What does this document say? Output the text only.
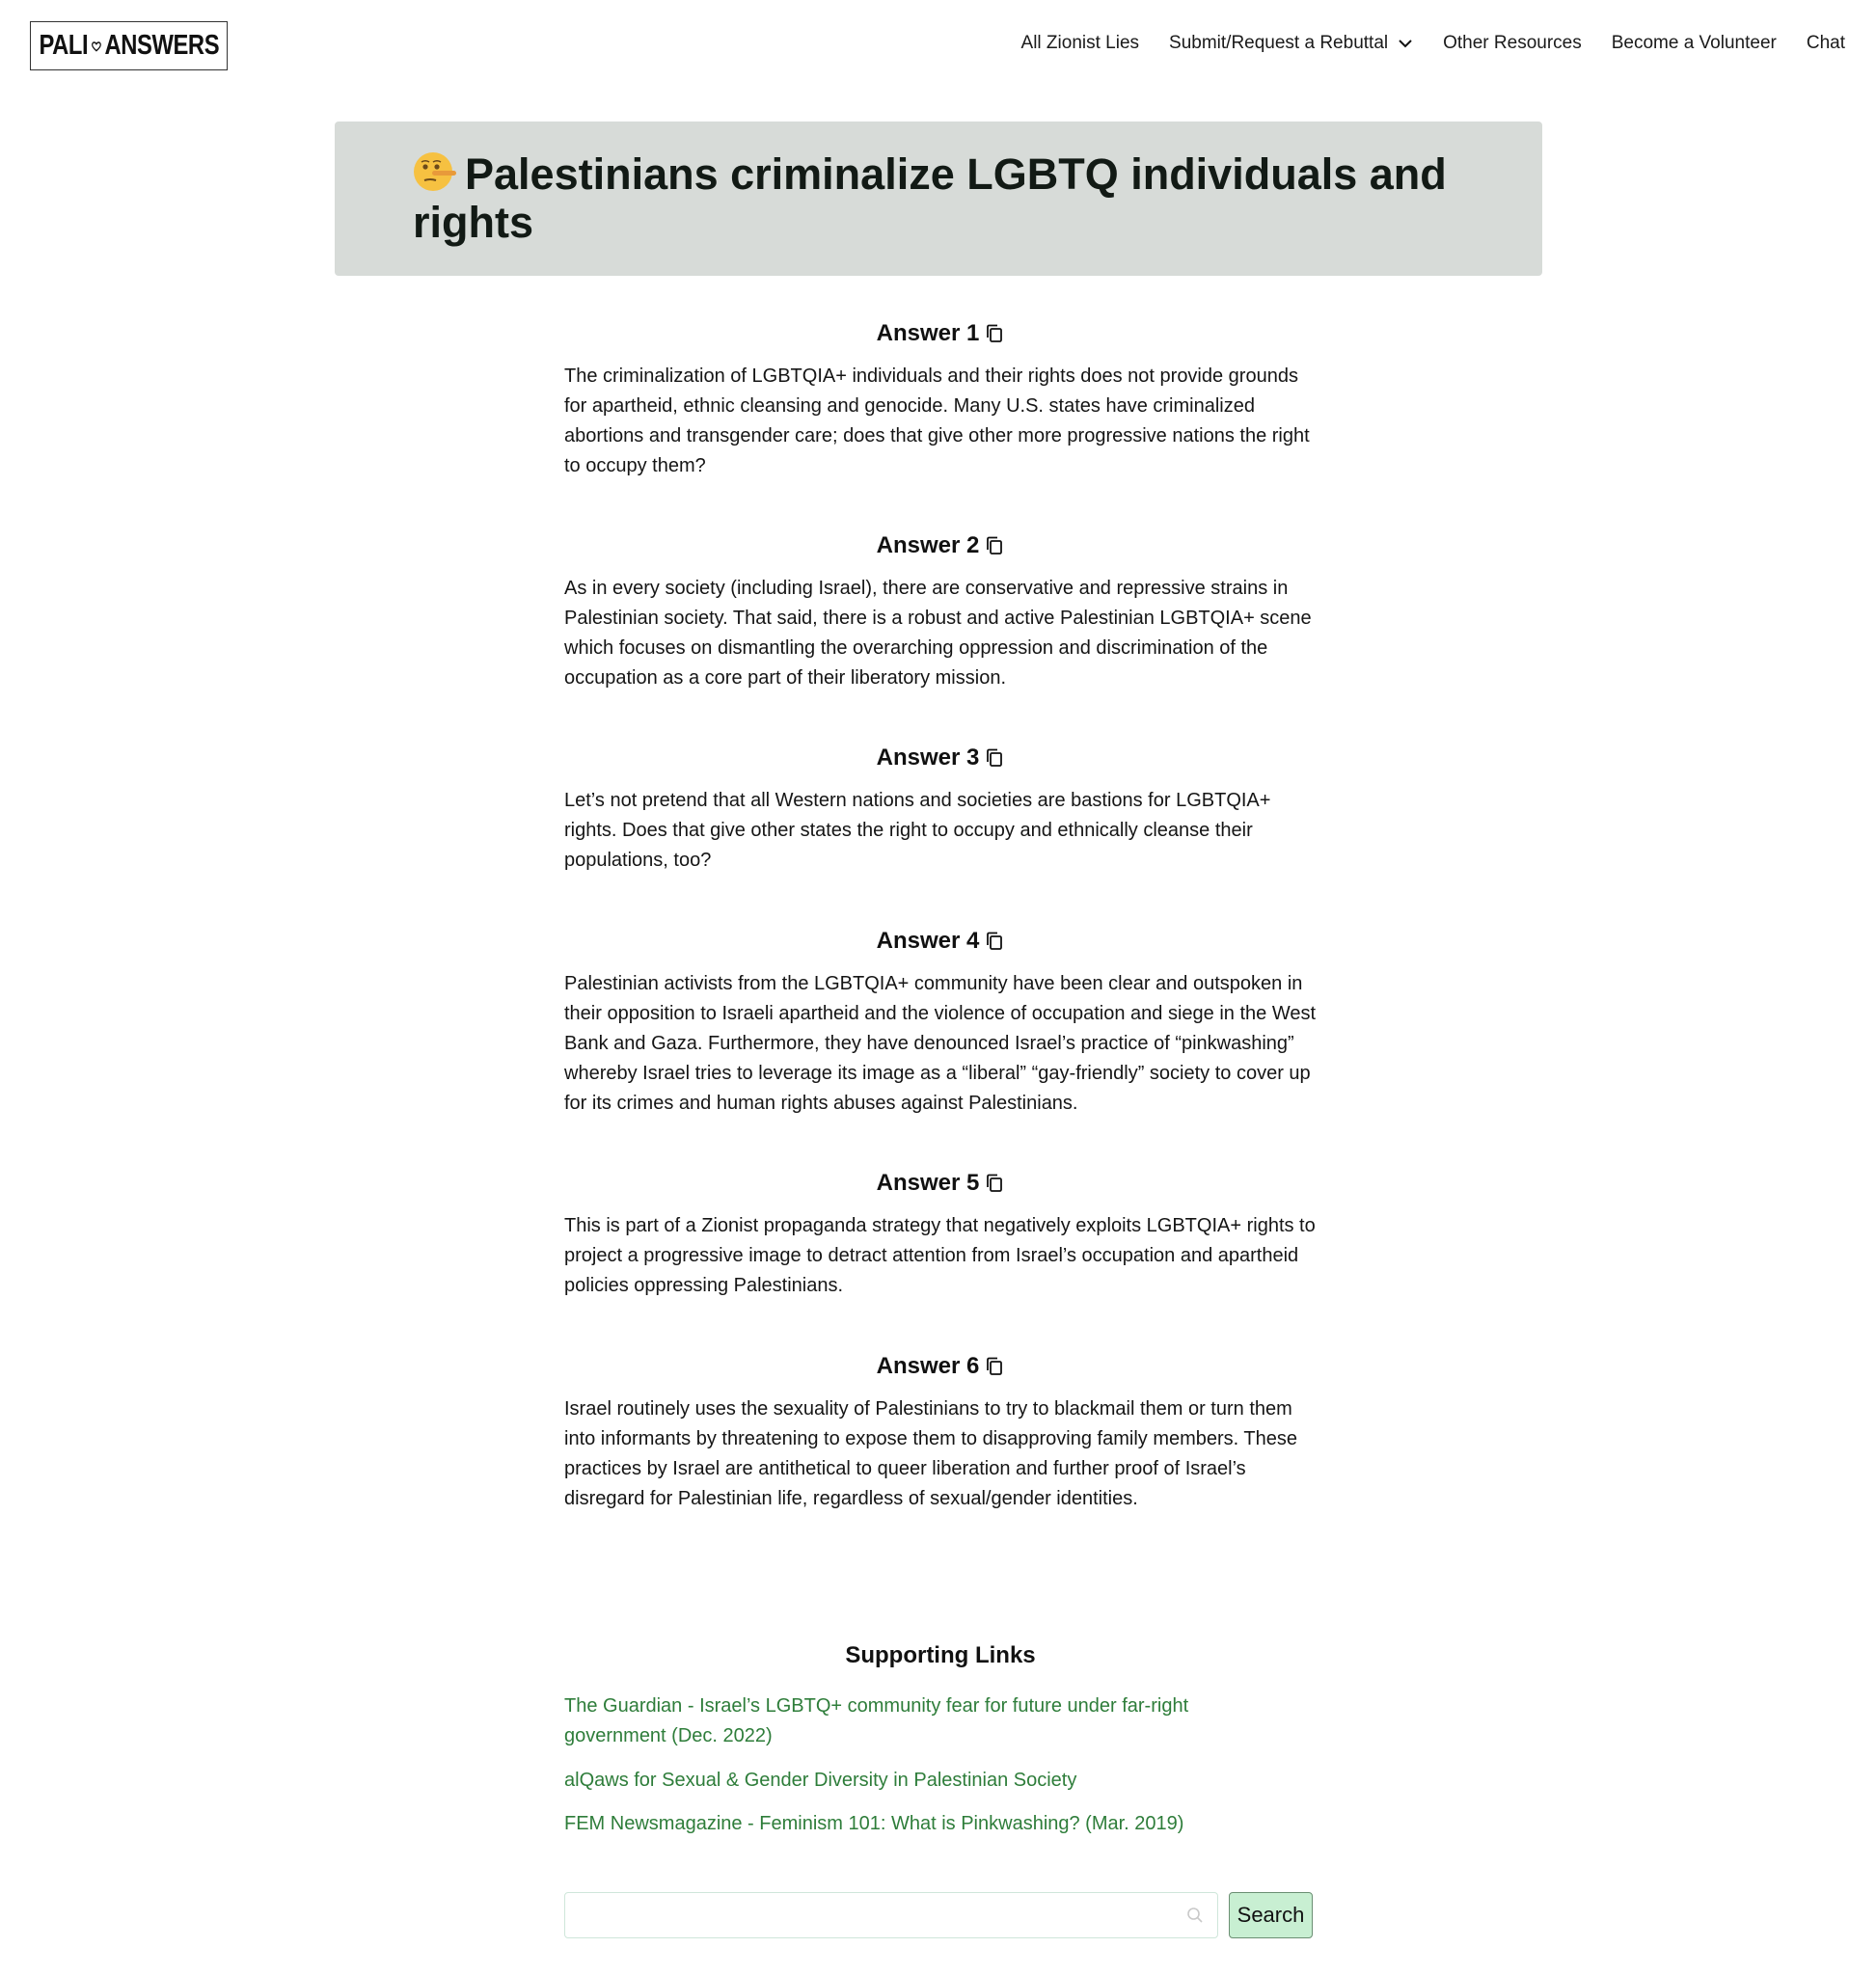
PALI ANSWERS	All Zionist Lies Submit/Request a Rebuttal	Other Resources Become a Volunteer Chat
Palestinians criminalize LGBTQ individuals and rights
Answer 1

The criminalization of LGBTQIA+ individuals and their rights does not provide grounds for apartheid, ethnic cleansing and genocide. Many U.S. states have criminalized abortions and transgender care; does that give other more progressive nations the right to occupy them?

Answer 2

As in every society (including Israel), there are conservative and repressive strains in Palestinian society. That said, there is a robust and active Palestinian LGBTQIA+ scene which focuses on dismantling the overarching oppression and discrimination of the occupation as a core part of their liberatory mission.

Answer 3

Let’s not pretend that all Western nations and societies are bastions for LGBTQIA+ rights. Does that give other states the right to occupy and ethnically cleanse their populations, too?

Answer 4

Palestinian activists from the LGBTQIA+ community have been clear and outspoken in their opposition to Israeli apartheid and the violence of occupation and siege in the West Bank and Gaza. Furthermore, they have denounced Israel’s practice of “pinkwashing” whereby Israel tries to leverage its image as a “liberal” “gay-friendly” society to cover up for its crimes and human rights abuses against Palestinians.

Answer 5

This is part of a Zionist propaganda strategy that negatively exploits LGBTQIA+ rights to project a progressive image to detract attention from Israel’s occupation and apartheid policies oppressing Palestinians.

Answer 6

Israel routinely uses the sexuality of Palestinians to try to blackmail them or turn them into informants by threatening to expose them to disapproving family members. These practices by Israel are antithetical to queer liberation and further proof of Israel’s disregard for Palestinian life, regardless of sexual/gender identities.

Supporting Links
The Guardian - Israel’s LGBTQ+ community fear for future under far-right government (Dec. 2022)
alQaws for Sexual & Gender Diversity in Palestinian Society
FEM Newsmagazine - Feminism 101: What is Pinkwashing? (Mar. 2019)
Search
